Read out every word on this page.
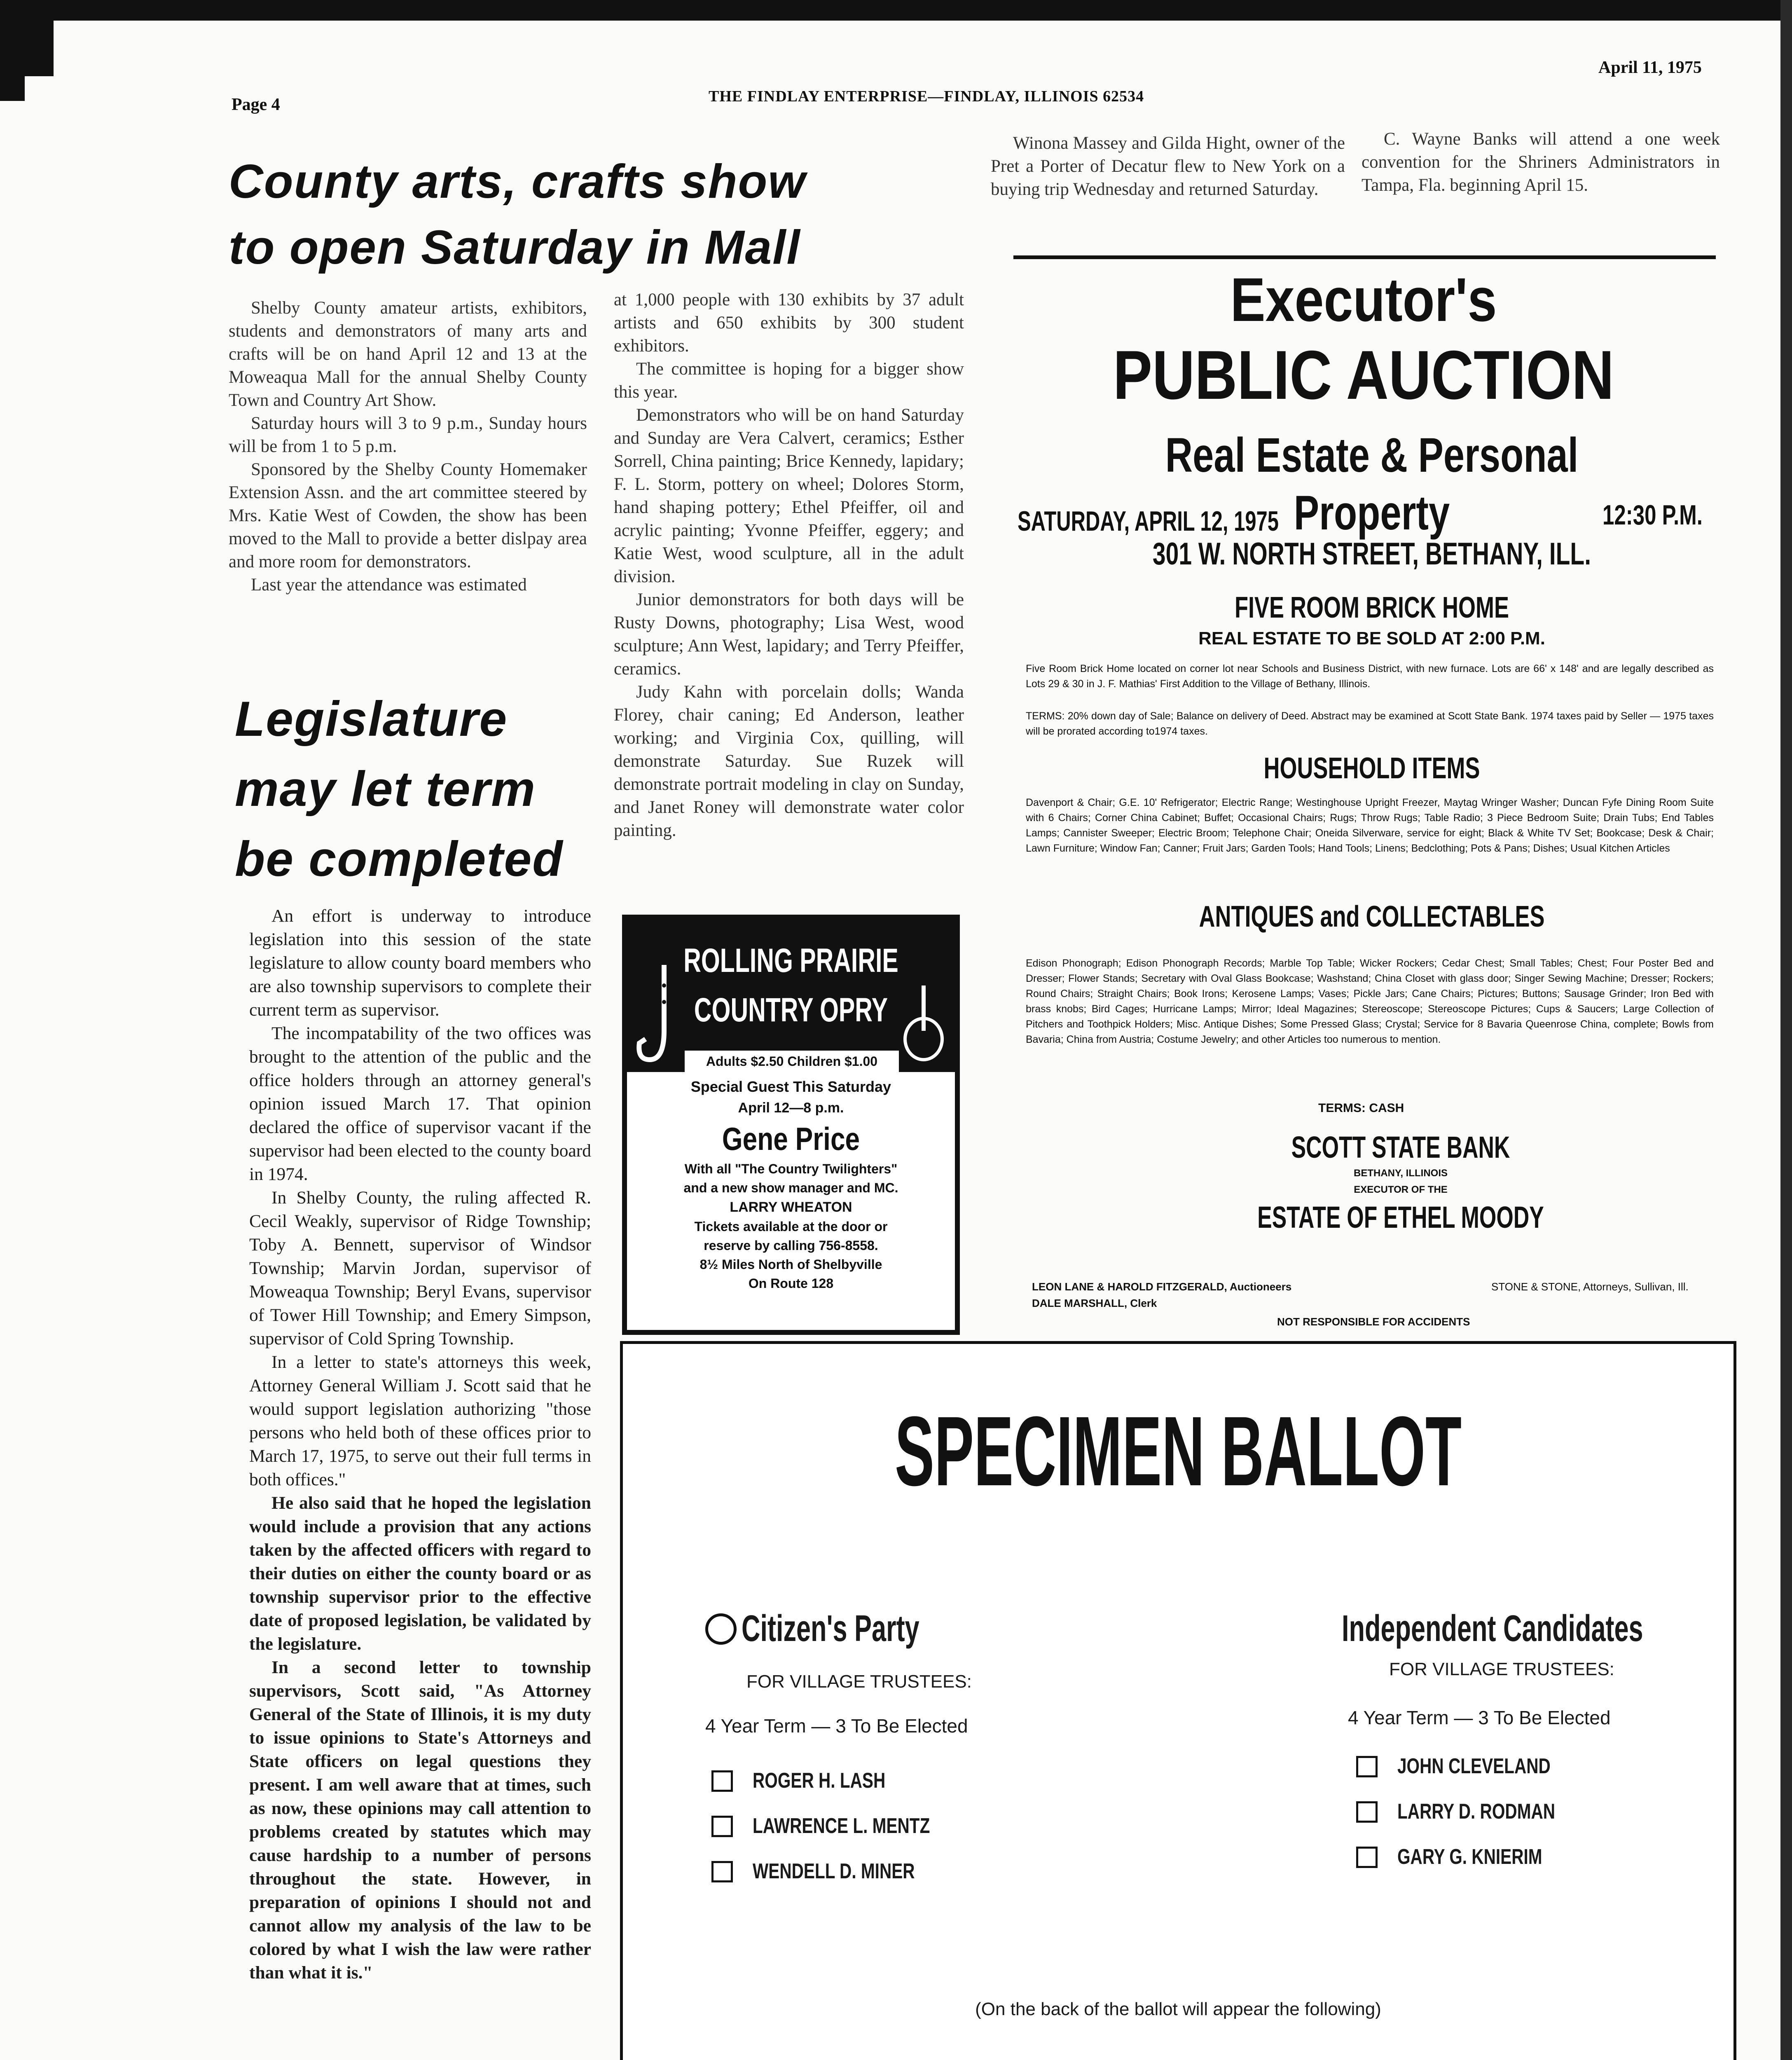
Page 4	THE FINDLAY ENTERPRISE—FINDLAY, ILLINOIS 62534
April 11, 1975
County arts, crafts show
to open Saturday in Mall

Shelby County amateur artists, exhibitors, students and demonstrators of many arts and crafts will be on hand April 12 and 13 at the Moweaqua Mall for the annual Shelby County Town and Country Art Show.

Saturday hours will 3 to 9 p.m., Sunday hours will be from 1 to 5 p.m.

Sponsored by the Shelby County Homemaker Extension Assn. and the art committee steered by Mrs. Katie West of Cowden, the show has been moved to the Mall to provide a better dislpay area and more room for demonstrators.

Last year the attendance was estimated

at 1,000 people with 130 exhibits by 37 adult artists and 650 exhibits by 300 student exhibitors.

The committee is hoping for a bigger show this year.

Demonstrators who will be on hand Saturday and Sunday are Vera Calvert, ceramics; Esther Sorrell, China painting; Brice Kennedy, lapidary; F. L. Storm, pottery on wheel; Dolores Storm, hand shaping pottery; Ethel Pfeiffer, oil and acrylic painting; Yvonne Pfeiffer, eggery; and Katie West, wood sculpture, all in the adult division.

Junior demonstrators for both days will be Rusty Downs, photography; Lisa West, wood sculpture; Ann West, lapidary; and Terry Pfeiffer, ceramics.

Judy Kahn with porcelain dolls; Wanda Florey, chair caning; Ed Anderson, leather working; and Virginia Cox, quilling, will demonstrate Saturday. Sue Ruzek will demonstrate portrait modeling in clay on Sunday, and Janet Roney will demonstrate water color painting.

Winona Massey and Gilda Hight, owner of the Pret a Porter of Decatur flew to New York on a buying trip Wednesday and returned Saturday.

C. Wayne Banks will attend a one week convention for the Shriners Administrators in Tampa, Fla. beginning April 15.

Legislature
may let term
be completed

An effort is underway to introduce legislation into this session of the state legislature to allow county board members who are also township supervisors to complete their current term as supervisor.

The incompatability of the two offices was brought to the attention of the public and the office holders through an attorney general's opinion issued March 17. That opinion declared the office of supervisor vacant if the supervisor had been elected to the county board in 1974.

In Shelby County, the ruling affected R. Cecil Weakly, supervisor of Ridge Township; Toby A. Bennett, supervisor of Windsor Township; Marvin Jordan, supervisor of Moweaqua Township; Beryl Evans, supervisor of Tower Hill Township; and Emery Simpson, supervisor of Cold Spring Township.

In a letter to state's attorneys this week, Attorney General William J. Scott said that he would support legislation authorizing "those persons who held both of these offices prior to March 17, 1975, to serve out their full terms in both offices."

He also said that he hoped the legislation would include a provision that any actions taken by the affected officers with regard to their duties on either the county board or as township supervisor prior to the effective date of proposed legislation, be validated by the legislature.

In a second letter to township supervisors, Scott said, "As Attorney General of the State of Illinois, it is my duty to issue opinions to State's Attorneys and State officers on legal questions they present. I am well aware that at times, such as now, these opinions may call attention to problems created by statutes which may cause hardship to a number of persons throughout the state. However, in preparation of opinions I should not and cannot allow my analysis of the law to be colored by what I wish the law were rather than what it is."

ROLLING PRAIRIE
COUNTRY OPRY
Adults $2.50 Children $1.00
Special Guest This Saturday
April 12—8 p.m.
Gene Price
With all "The Country Twilighters"
and a new show manager and MC.
LARRY WHEATON
Tickets available at the door or
reserve by calling 756-8558.
8½ Miles North of Shelbyville
On Route 128

Executor's
PUBLIC AUCTION
Real Estate & Personal Property
SATURDAY, APRIL 12, 1975	12:30 P.M.
301 W. NORTH STREET, BETHANY, ILL.
FIVE ROOM BRICK HOME
REAL ESTATE TO BE SOLD AT 2:00 P.M.
Five Room Brick Home located on corner lot near Schools and Business District, with new furnace. Lots are 66' x 148' and are legally described as Lots 29 & 30 in J. F. Mathias' First Addition to the Village of Bethany, Illinois.
TERMS: 20% down day of Sale; Balance on delivery of Deed. Abstract may be examined at Scott State Bank. 1974 taxes paid by Seller — 1975 taxes will be prorated according to1974 taxes.
HOUSEHOLD ITEMS
Davenport & Chair; G.E. 10' Refrigerator; Electric Range; Westinghouse Upright Freezer, Maytag Wringer Washer; Duncan Fyfe Dining Room Suite with 6 Chairs; Corner China Cabinet; Buffet; Occasional Chairs; Rugs; Throw Rugs; Table Radio; 3 Piece Bedroom Suite; Drain Tubs; End Tables Lamps; Cannister Sweeper; Electric Broom; Telephone Chair; Oneida Silverware, service for eight; Black & White TV Set; Bookcase; Desk & Chair; Lawn Furniture; Window Fan; Canner; Fruit Jars; Garden Tools; Hand Tools; Linens; Bedclothing; Pots & Pans; Dishes; Usual Kitchen Articles
ANTIQUES and COLLECTABLES
Edison Phonograph; Edison Phonograph Records; Marble Top Table; Wicker Rockers; Cedar Chest; Small Tables; Chest; Four Poster Bed and Dresser; Flower Stands; Secretary with Oval Glass Bookcase; Washstand; China Closet with glass door; Singer Sewing Machine; Dresser; Rockers; Round Chairs; Straight Chairs; Book Irons; Kerosene Lamps; Vases; Pickle Jars; Cane Chairs; Pictures; Buttons; Sausage Grinder; Iron Bed with brass knobs; Bird Cages; Hurricane Lamps; Mirror; Ideal Magazines; Stereoscope; Stereoscope Pictures; Cups & Saucers; Large Collection of Pitchers and Toothpick Holders; Misc. Antique Dishes; Some Pressed Glass; Crystal; Service for 8 Bavaria Queenrose China, complete; Bowls from Bavaria; China from Austria; Costume Jewelry; and other Articles too numerous to mention.
TERMS: CASH
SCOTT STATE BANK
BETHANY, ILLINOIS
EXECUTOR OF THE
ESTATE OF ETHEL MOODY
LEON LANE & HAROLD FITZGERALD, Auctioneers
DALE MARSHALL, Clerk
STONE & STONE, Attorneys, Sullivan, Ill.
NOT RESPONSIBLE FOR ACCIDENTS
SPECIMEN BALLOT
Citizen's Party
FOR VILLAGE TRUSTEES:
4 Year Term — 3 To Be Elected
ROGER H. LASH
LAWRENCE L. MENTZ
WENDELL D. MINER
Independent Candidates
FOR VILLAGE TRUSTEES:
4 Year Term — 3 To Be Elected
JOHN CLEVELAND
LARRY D. RODMAN
GARY G. KNIERIM
(On the back of the ballot will appear the following)
